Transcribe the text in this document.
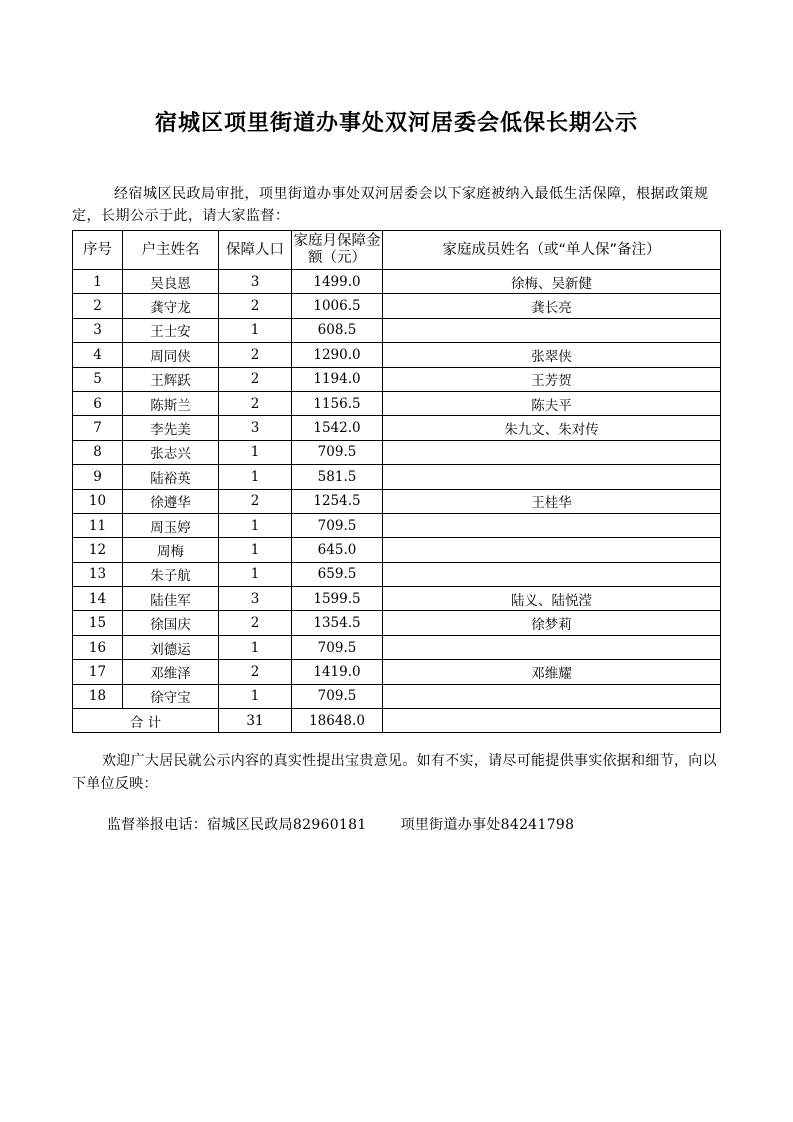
宿城区项里街道办事处双河居委会低保长期公示
经宿城区民政局审批，项里街道办事处双河居委会以下家庭被纳入最低生活保障，根据政策规定，长期公示于此，请大家监督：
序号	户主姓名	保障人口	家庭月保障金额（元）	家庭成员姓名（或“单人保”备注）
1	吴良恩	3	1499.0	徐梅、吴新健
2	龚守龙	2	1006.5	龚长亮
3	王士安	1	608.5	
4	周同侠	2	1290.0	张翠侠
5	王辉跃	2	1194.0	王芳贺
6	陈斯兰	2	1156.5	陈夫平
7	李先美	3	1542.0	朱九文、朱对传
8	张志兴	1	709.5	
9	陆裕英	1	581.5	
10	徐遵华	2	1254.5	王桂华
11	周玉婷	1	709.5	
12	周梅	1	645.0	
13	朱子航	1	659.5	
14	陆佳军	3	1599.5	陆义、陆悦滢
15	徐国庆	2	1354.5	徐梦莉
16	刘德运	1	709.5	
17	邓维泽	2	1419.0	邓维耀
18	徐守宝	1	709.5	
合 计		31	18648.0	
欢迎广大居民就公示内容的真实性提出宝贵意见。如有不实，请尽可能提供事实依据和细节，向以下单位反映：
监督举报电话：宿城区民政局82960181 项里街道办事处84241798
